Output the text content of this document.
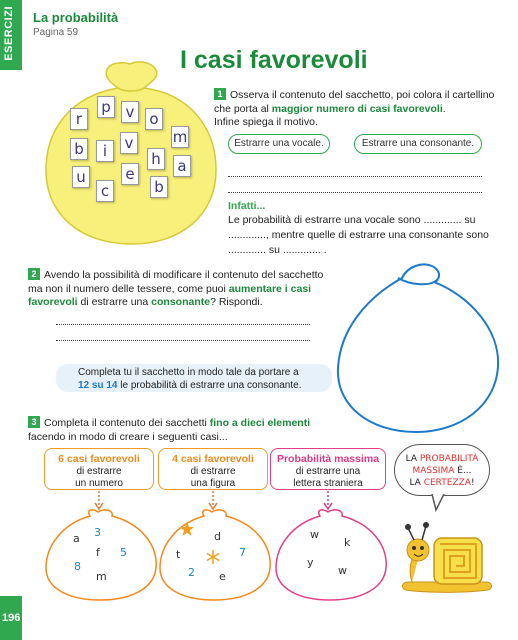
ESERCIZI
196
La probabilità
Pagina 59
I casi favorevoli
r
p v o
b	i	v	m
h a
u	e
c	b
1 Osserva il contenuto del sacchetto, poi colora il cartellino
che porta al maggior numero di casi favorevoli.
Infine spiega il motivo.
Estrarre una vocale.	Estrarre una consonante.
Infatti...
Le probabilità di estrarre una vocale sono ............. su
............., mentre quelle di estrarre una consonante sono
............. su ............. .
2 Avendo la possibilità di modificare il contenuto del sacchetto
ma non il numero delle tessere, come puoi aumentare i casi
favorevoli di estrarre una consonante? Rispondi.
Completa tu il sacchetto in modo tale da portare a
12 su 14 le probabilità di estrarre una consonante.
3 Completa il contenuto dei sacchetti fino a dieci elementi
facendo in modo di creare i seguenti casi...
6 casi favorevoli
di estrarre
un numero
4 casi favorevoli
di estrarre
una figura
Probabilità massima
di estrarre una
lettera straniera
LA PROBABILITÀ
MASSIMA È...
LA CERTEZZA!
a
f
m
3
5
8
d
t
e
7
2
w
k
y
w
